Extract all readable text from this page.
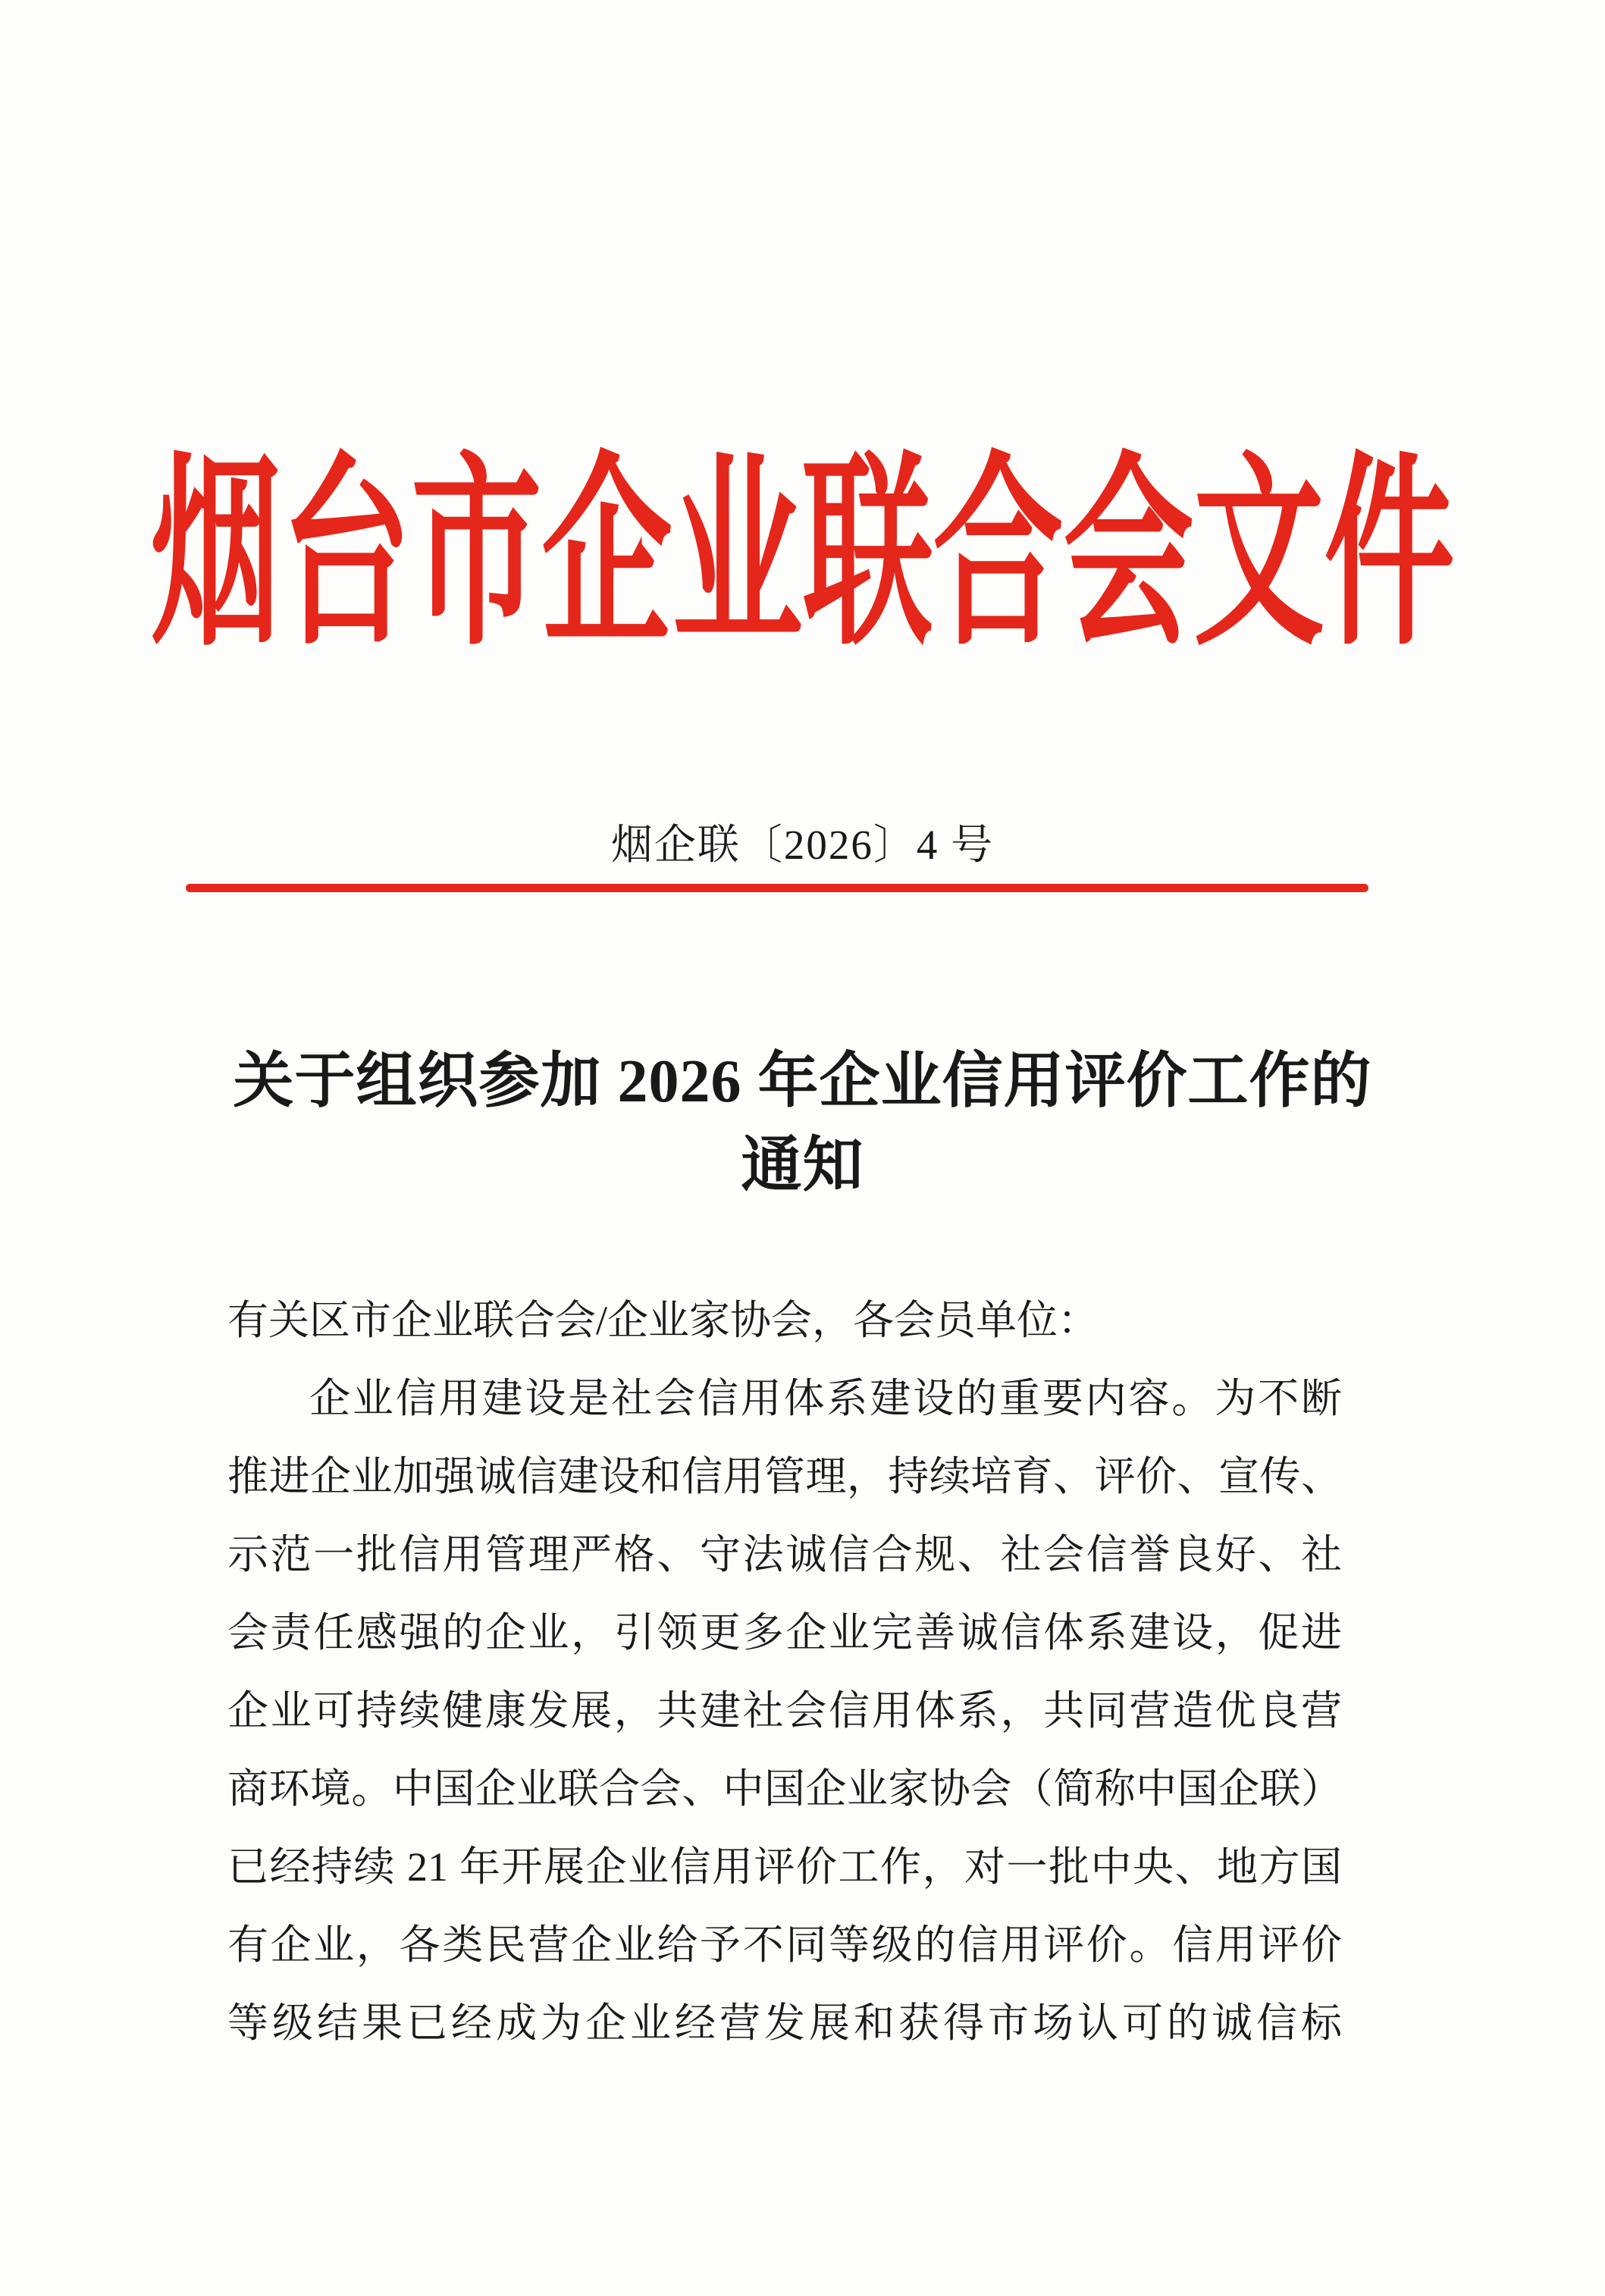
烟台市企业联合会文件
烟企联〔2026〕4 号
关于组织参加 2026 年企业信用评价工作的
通知
有关区市企业联合会/企业家协会，各会员单位：
企业信用建设是社会信用体系建设的重要内容。为不断
推进企业加强诚信建设和信用管理，持续培育、评价、宣传、
示范一批信用管理严格、守法诚信合规、社会信誉良好、社
会责任感强的企业，引领更多企业完善诚信体系建设，促进
企业可持续健康发展，共建社会信用体系，共同营造优良营
商环境。中国企业联合会、中国企业家协会（简称中国企联）
已经持续 21 年开展企业信用评价工作，对一批中央、地方国
有企业，各类民营企业给予不同等级的信用评价。信用评价
等级结果已经成为企业经营发展和获得市场认可的诚信标
